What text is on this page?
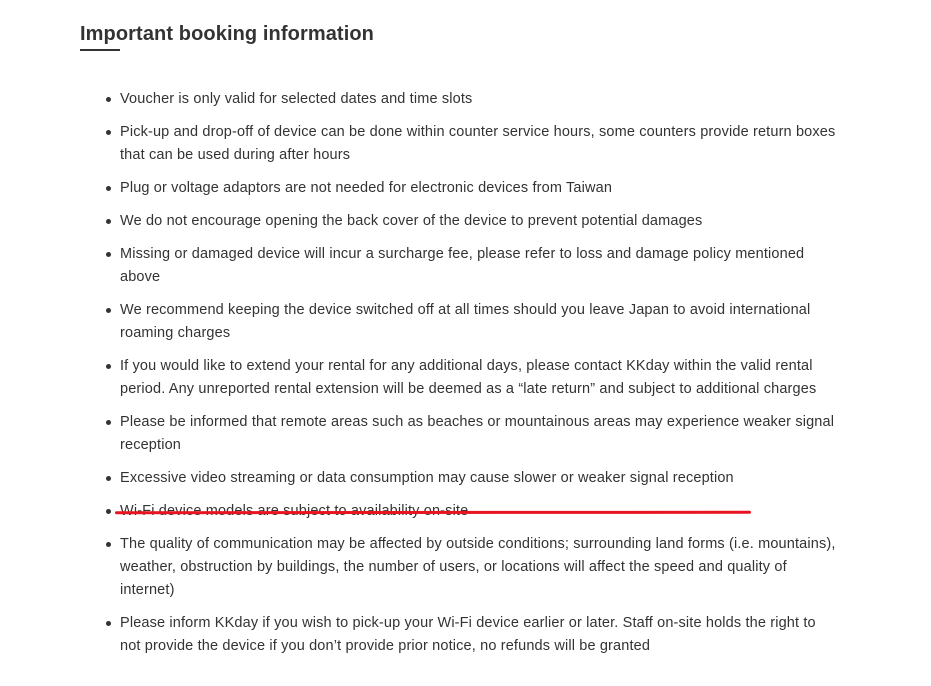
Important booking information
Voucher is only valid for selected dates and time slots
Pick-up and drop-off of device can be done within counter service hours, some counters provide return boxes that can be used during after hours
Plug or voltage adaptors are not needed for electronic devices from Taiwan
We do not encourage opening the back cover of the device to prevent potential damages
Missing or damaged device will incur a surcharge fee, please refer to loss and damage policy mentioned above
We recommend keeping the device switched off at all times should you leave Japan to avoid international roaming charges
If you would like to extend your rental for any additional days, please contact KKday within the valid rental period. Any unreported rental extension will be deemed as a “late return” and subject to additional charges
Please be informed that remote areas such as beaches or mountainous areas may experience weaker signal reception
Excessive video streaming or data consumption may cause slower or weaker signal reception
The quality of communication may be affected by outside conditions; surrounding land forms (i.e. mountains), weather, obstruction by buildings, the number of users, or locations will affect the speed and quality of internet)
Please inform KKday if you wish to pick-up your Wi-Fi device earlier or later. Staff on-site holds the right to not provide the device if you don’t provide prior notice, no refunds will be granted
